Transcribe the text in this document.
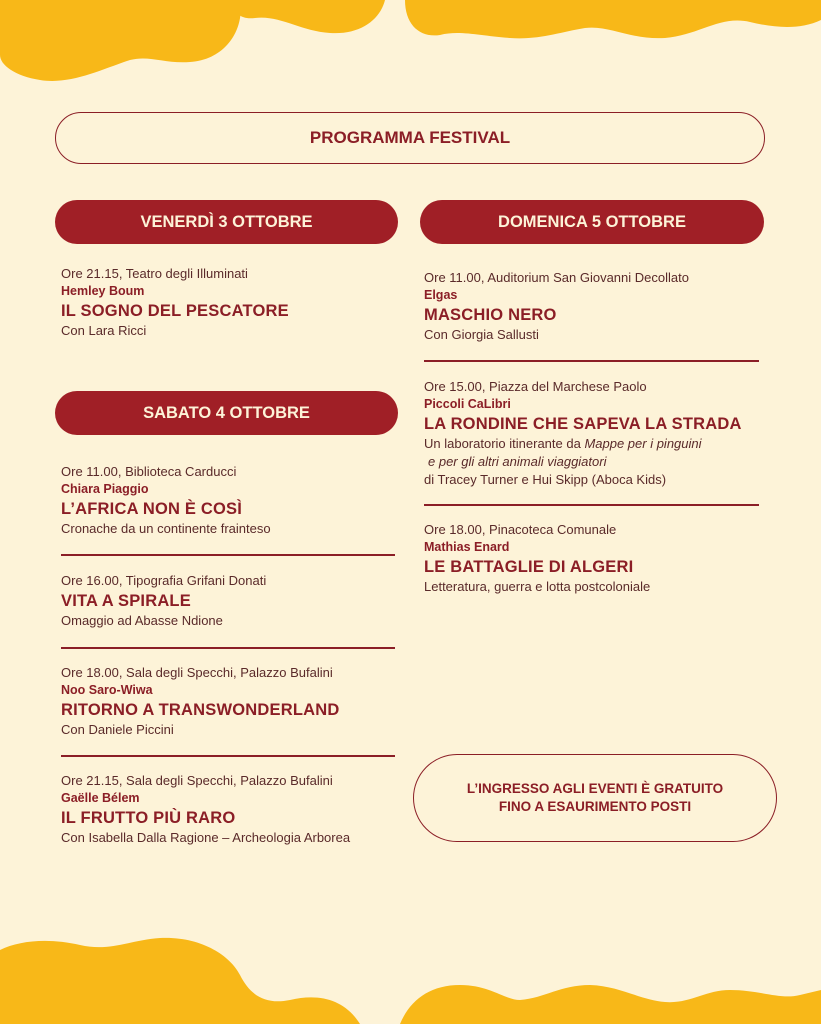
PROGRAMMA FESTIVAL
VENERDÌ 3 OTTOBRE	DOMENICA 5 OTTOBRE
SABATO 4 OTTOBRE
Ore 21.15, Teatro degli Illuminati
Hemley Boum
IL SOGNO DEL PESCATORE
Con Lara Ricci
Ore 11.00, Biblioteca Carducci
Chiara Piaggio
L’AFRICA NON È COSÌ
Cronache da un continente frainteso
Ore 16.00, Tipografia Grifani Donati
VITA A SPIRALE
Omaggio ad Abasse Ndione
Ore 18.00, Sala degli Specchi, Palazzo Bufalini
Noo Saro-Wiwa
RITORNO A TRANSWONDERLAND
Con Daniele Piccini
Ore 21.15, Sala degli Specchi, Palazzo Bufalini
Gaëlle Bélem
IL FRUTTO PIÙ RARO
Con Isabella Dalla Ragione – Archeologia Arborea
Ore 11.00, Auditorium San Giovanni Decollato
Elgas
MASCHIO NERO
Con Giorgia Sallusti
Ore 15.00, Piazza del Marchese Paolo
Piccoli CaLibri
LA RONDINE CHE SAPEVA LA STRADA
Un laboratorio itinerante da Mappe per i pinguini
e per gli altri animali viaggiatori
di Tracey Turner e Hui Skipp (Aboca Kids)
Ore 18.00, Pinacoteca Comunale
Mathias Enard
LE BATTAGLIE DI ALGERI
Letteratura, guerra e lotta postcoloniale
L’INGRESSO AGLI EVENTI È GRATUITO
FINO A ESAURIMENTO POSTI
